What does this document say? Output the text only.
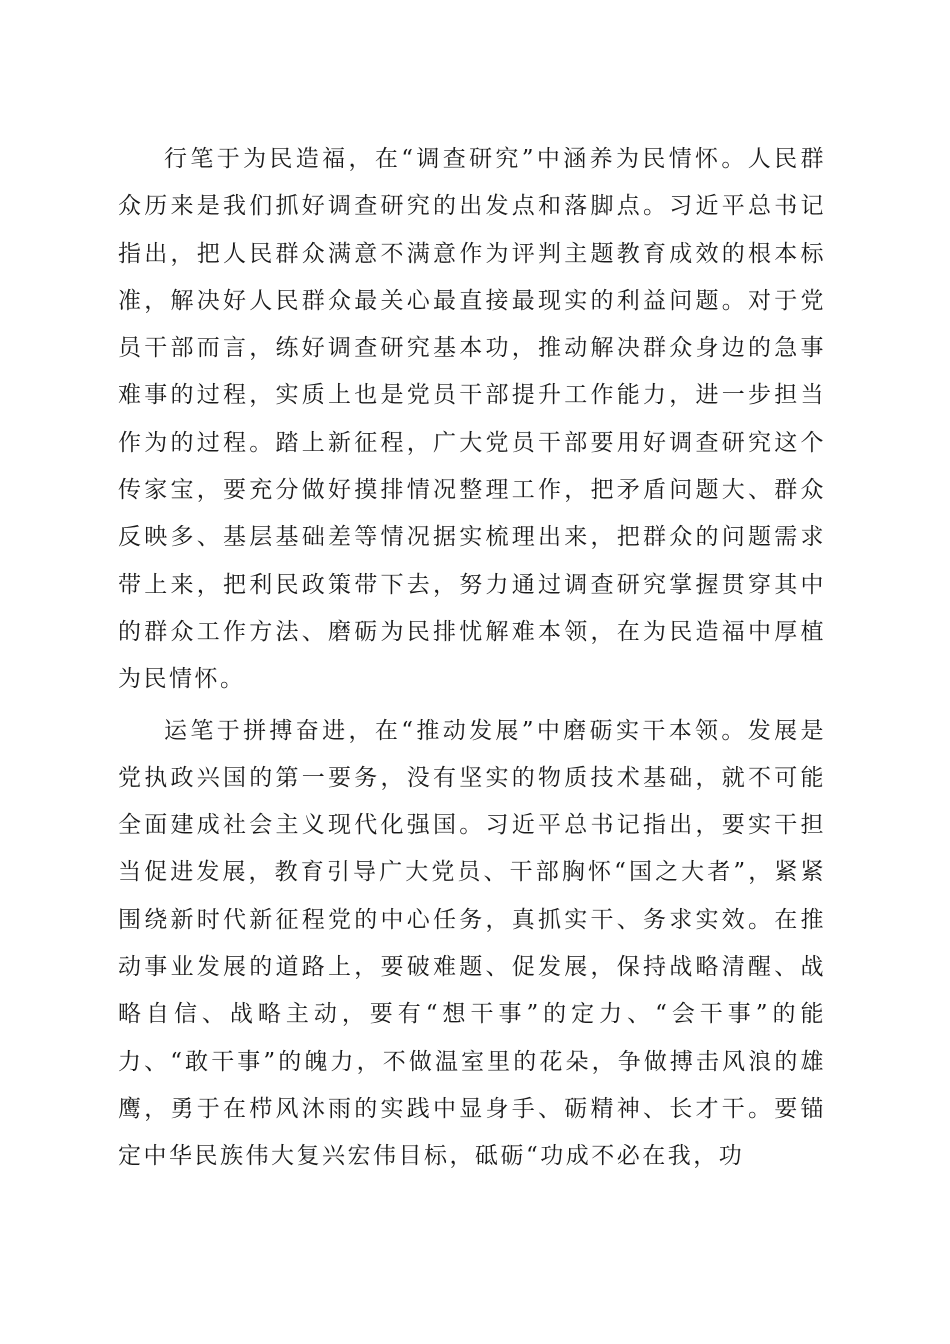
行笔于为民造福，在“调查研究”中涵养为民情怀。人民群众历来是我们抓好调查研究的出发点和落脚点。习近平总书记指出，把人民群众满意不满意作为评判主题教育成效的根本标准，解决好人民群众最关心最直接最现实的利益问题。对于党员干部而言，练好调查研究基本功，推动解决群众身边的急事难事的过程，实质上也是党员干部提升工作能力，进一步担当作为的过程。踏上新征程，广大党员干部要用好调查研究这个传家宝，要充分做好摸排情况整理工作，把矛盾问题大、群众反映多、基层基础差等情况据实梳理出来，把群众的问题需求带上来，把利民政策带下去，努力通过调查研究掌握贯穿其中的群众工作方法、磨砺为民排忧解难本领，在为民造福中厚植为民情怀。

运笔于拼搏奋进，在“推动发展”中磨砺实干本领。发展是党执政兴国的第一要务，没有坚实的物质技术基础，就不可能全面建成社会主义现代化强国。习近平总书记指出，要实干担当促进发展，教育引导广大党员、干部胸怀“国之大者”，紧紧围绕新时代新征程党的中心任务，真抓实干、务求实效。在推动事业发展的道路上，要破难题、促发展，保持战略清醒、战略自信、战略主动，要有“想干事”的定力、“会干事”的能力、“敢干事”的魄力，不做温室里的花朵，争做搏击风浪的雄鹰，勇于在栉风沐雨的实践中显身手、砺精神、长才干。要锚定中华民族伟大复兴宏伟目标，砥砺“功成不必在我，功
